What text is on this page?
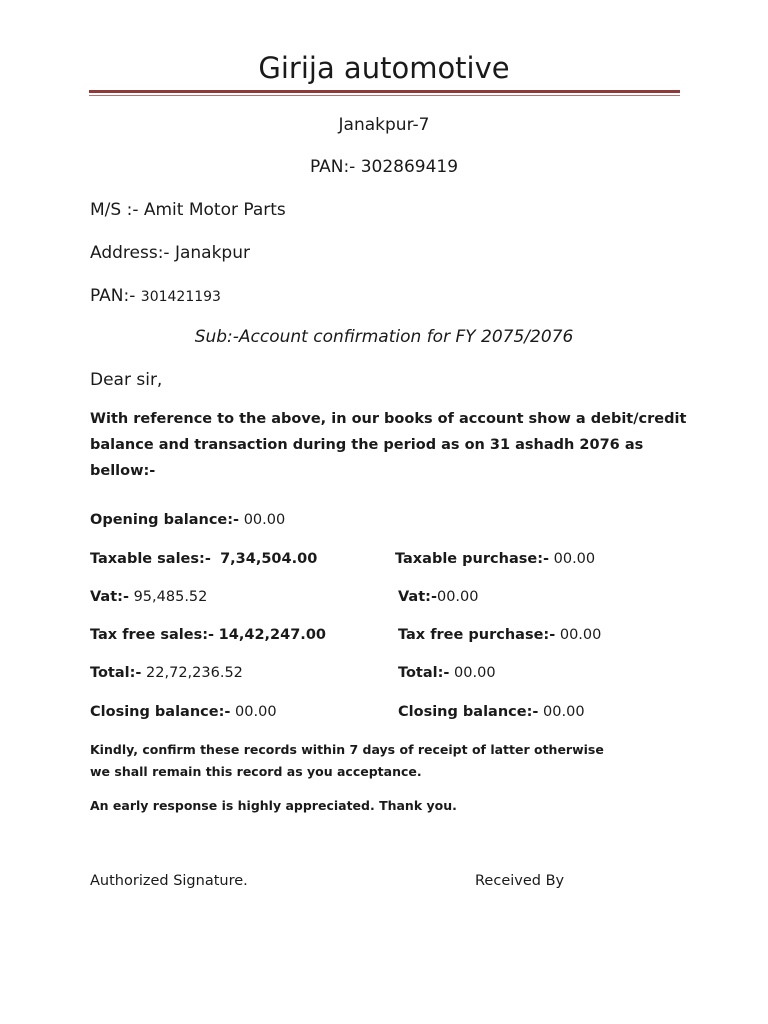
Girija automotive
Janakpur-7
PAN:- 302869419
M/S :- Amit Motor Parts
Address:- Janakpur
PAN:- 301421193
Sub:-Account confirmation for FY 2075/2076
Dear sir,
With reference to the above, in our books of account show a debit/credit balance and transaction during the period as on 31 ashadh 2076 as bellow:-
Opening balance:- 00.00
Taxable sales:- 7,34,504.00
Vat:- 95,485.52
Tax free sales:- 14,42,247.00
Total:- 22,72,236.52
Closing balance:- 00.00
Taxable purchase:- 00.00
Vat:-00.00
Tax free purchase:- 00.00
Total:- 00.00
Closing balance:- 00.00
Kindly, confirm these records within 7 days of receipt of latter otherwise we shall remain this record as you acceptance.
An early response is highly appreciated. Thank you.
Authorized Signature.	Received By
